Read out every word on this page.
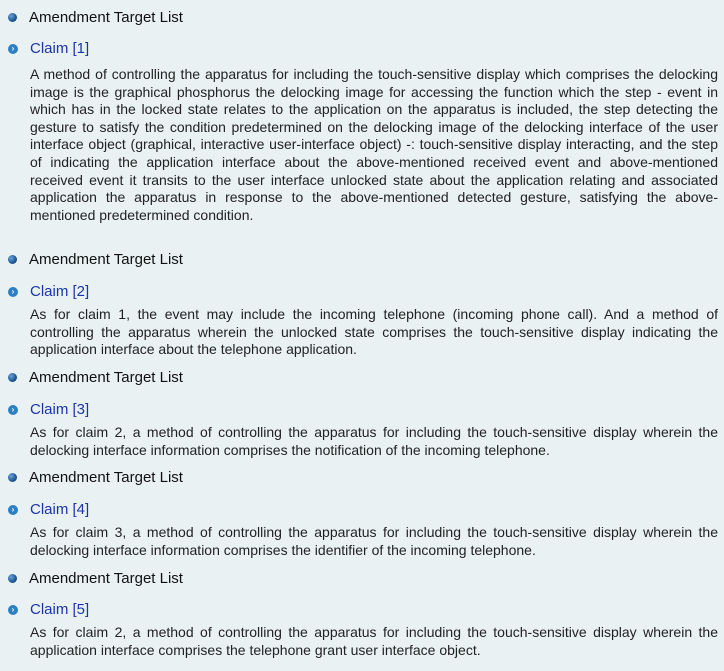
Amendment Target List
› Claim [1]

A method of controlling the apparatus for including the touch-sensitive display which comprises the delocking image is the graphical phosphorus the delocking image for accessing the function which the step - event in which has in the locked state relates to the application on the apparatus is included, the step detecting the gesture to satisfy the condition predetermined on the delocking image of the delocking interface of the user interface object (graphical, interactive user-interface object) -: touch-sensitive display interacting, and the step of indicating the application interface about the above-mentioned received event and above-mentioned received event it transits to the user interface unlocked state about the application relating and associated application the apparatus in response to the above-mentioned detected gesture, satisfying the above-mentioned predetermined condition.

Amendment Target List
› Claim [2]

As for claim 1, the event may include the incoming telephone (incoming phone call). And a method of controlling the apparatus wherein the unlocked state comprises the touch-sensitive display indicating the application interface about the telephone application.

Amendment Target List
› Claim [3]

As for claim 2, a method of controlling the apparatus for including the touch-sensitive display wherein the delocking interface information comprises the notification of the incoming telephone.

Amendment Target List
› Claim [4]

As for claim 3, a method of controlling the apparatus for including the touch-sensitive display wherein the delocking interface information comprises the identifier of the incoming telephone.

Amendment Target List
› Claim [5]

As for claim 2, a method of controlling the apparatus for including the touch-sensitive display wherein the application interface comprises the telephone grant user interface object.
